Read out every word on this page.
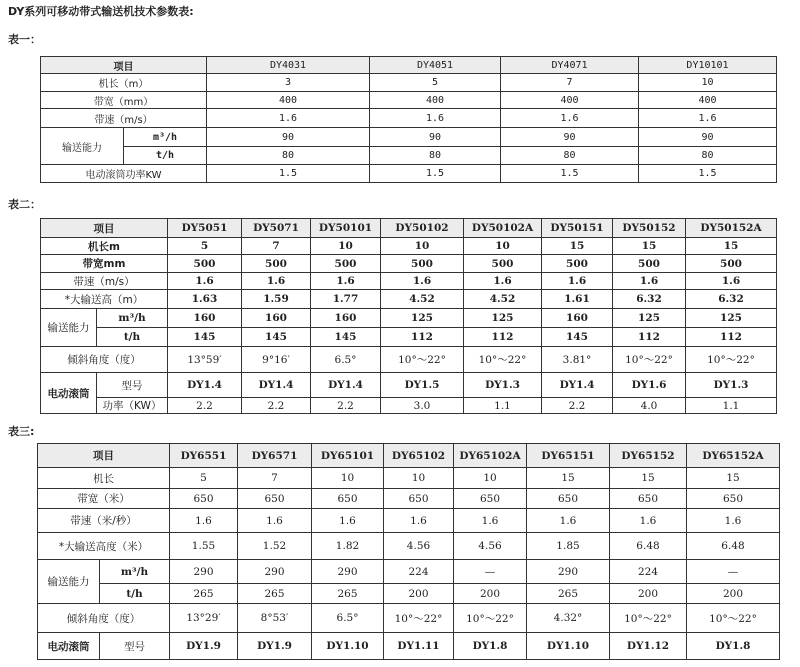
DY系列可移动带式输送机技术参数表:
表一：
表二：
表三:
项目		DY4031	DY4051	DY4071	DY10101
机长（m）		3	5	7	10
带宽（mm）		400	400	400	400
带速（m/s）		1.6	1.6	1.6	1.6
输送能力	m³/h	90	90	90	90
	t/h	80	80	80	80
电动滚筒功率KW		1.5	1.5	1.5	1.5
项目		DY5051	DY5071	DY50101	DY50102	DY50102A	DY50151	DY50152	DY50152A
机长m		5	7	10	10	10	15	15	15
带宽mm		500	500	500	500	500	500	500	500
带速（m/s）		1.6	1.6	1.6	1.6	1.6	1.6	1.6	1.6
*大输送高（m）		1.63	1.59	1.77	4.52	4.52	1.61	6.32	6.32
输送能力	m³/h	160	160	160	125	125	160	125	125
	t/h	145	145	145	112	112	145	112	112
倾斜角度（度）		13°59′	9°16′	6.5°	10°～22°	10°～22°	3.81°	10°～22°	10°～22°
电动滚筒	型号	DY1.4	DY1.4	DY1.4	DY1.5	DY1.3	DY1.4	DY1.6	DY1.3
	功率（KW）	2.2	2.2	2.2	3.0	1.1	2.2	4.0	1.1
项目		DY6551	DY6571	DY65101	DY65102	DY65102A	DY65151	DY65152	DY65152A
机长		5	7	10	10	10	15	15	15
带宽（米）		650	650	650	650	650	650	650	650
带速（米/秒）		1.6	1.6	1.6	1.6	1.6	1.6	1.6	1.6
*大输送高度（米）		1.55	1.52	1.82	4.56	4.56	1.85	6.48	6.48
输送能力	m³/h	290	290	290	224	—	290	224	—
	t/h	265	265	265	200	200	265	200	200
倾斜角度（度）		13°29′	8°53′	6.5°	10°～22°	10°～22°	4.32°	10°～22°	10°～22°
电动滚筒	型号	DY1.9	DY1.9	DY1.10	DY1.11	DY1.8	DY1.10	DY1.12	DY1.8
